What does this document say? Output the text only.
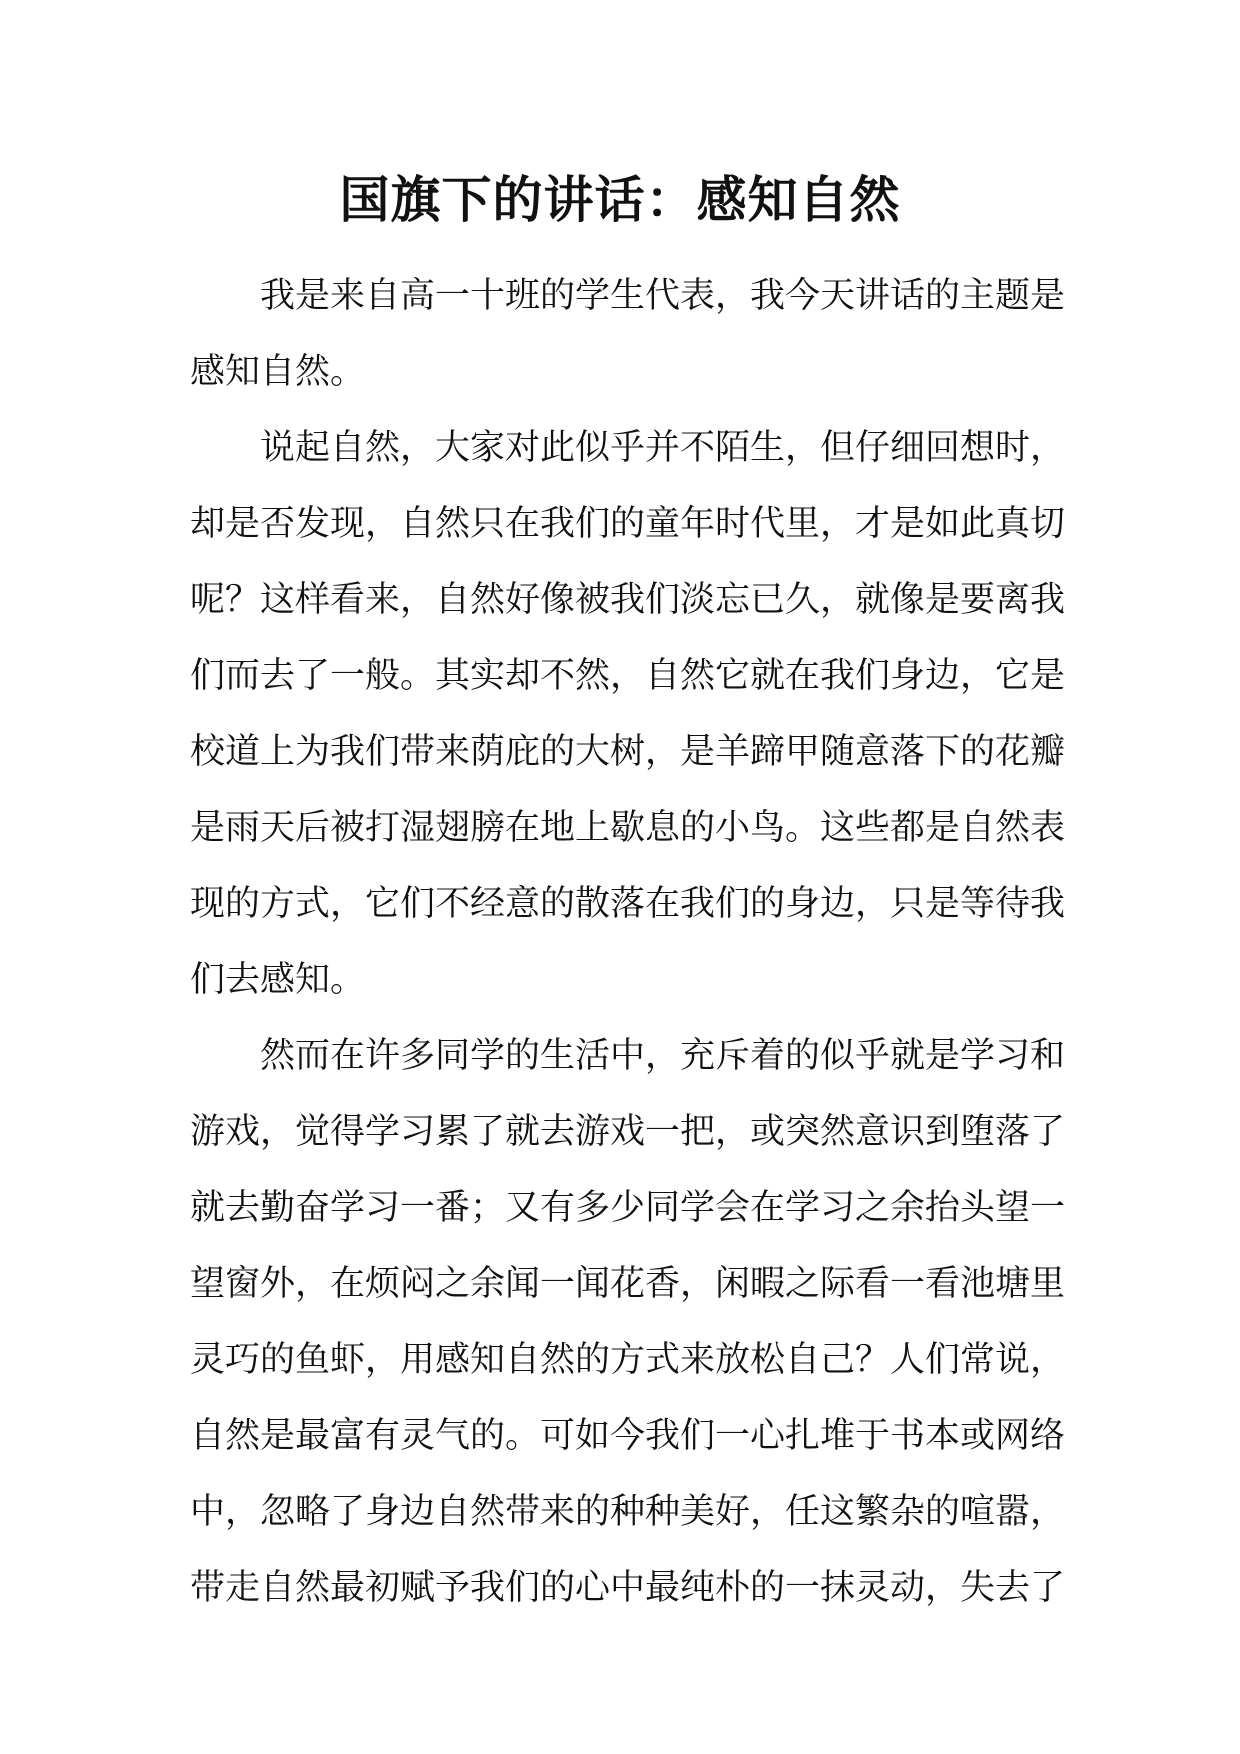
国旗下的讲话：感知自然
我是来自高一十班的学生代表，我今天讲话的主题是
感知自然。
说起自然，大家对此似乎并不陌生，但仔细回想时，
却是否发现，自然只在我们的童年时代里，才是如此真切
呢？这样看来，自然好像被我们淡忘已久，就像是要离我
们而去了一般。其实却不然，自然它就在我们身边，它是
校道上为我们带来荫庇的大树，是羊蹄甲随意落下的花瓣
是雨天后被打湿翅膀在地上歇息的小鸟。这些都是自然表
现的方式，它们不经意的散落在我们的身边，只是等待我
们去感知。
然而在许多同学的生活中，充斥着的似乎就是学习和
游戏，觉得学习累了就去游戏一把，或突然意识到堕落了
就去勤奋学习一番；又有多少同学会在学习之余抬头望一
望窗外，在烦闷之余闻一闻花香，闲暇之际看一看池塘里
灵巧的鱼虾，用感知自然的方式来放松自己？人们常说，
自然是最富有灵气的。可如今我们一心扎堆于书本或网络
中，忽略了身边自然带来的种种美好，任这繁杂的喧嚣，
带走自然最初赋予我们的心中最纯朴的一抹灵动，失去了
